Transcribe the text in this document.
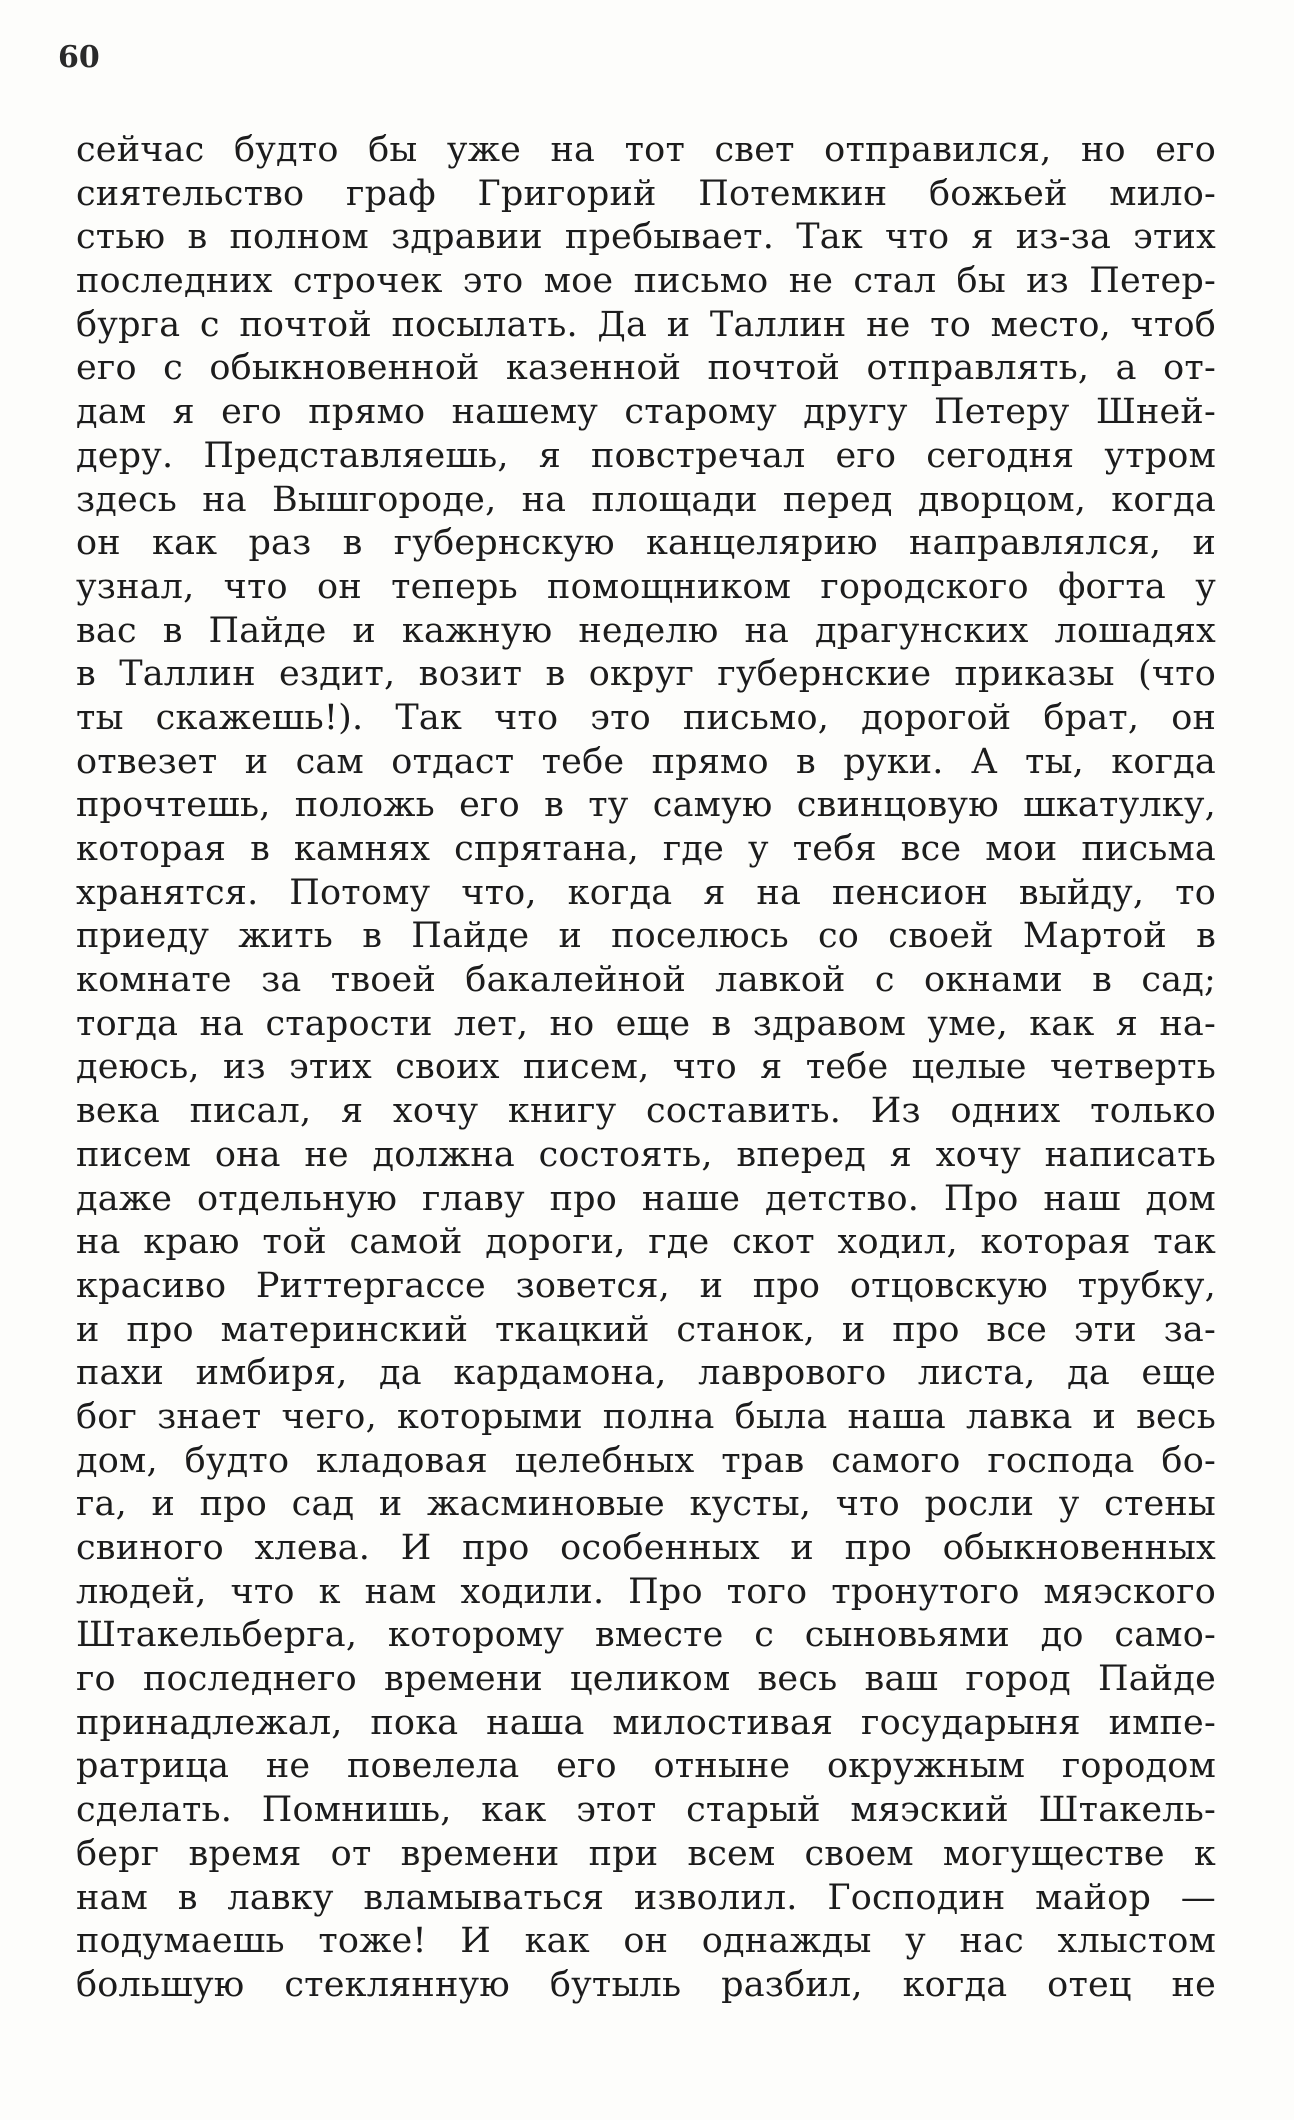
60
сейчас будто бы уже на тот свет отправился, но его
сиятельство граф Григорий Потемкин божьей мило-
стью в полном здравии пребывает. Так что я из-за этих
последних строчек это мое письмо не стал бы из Петер-
бурга с почтой посылать. Да и Таллин не то место, чтоб
его с обыкновенной казенной почтой отправлять, а от-
дам я его прямо нашему старому другу Петеру Шней-
деру. Представляешь, я повстречал его сегодня утром
здесь на Вышгороде, на площади перед дворцом, когда
он как раз в губернскую канцелярию направлялся, и
узнал, что он теперь помощником городского фогта у
вас в Пайде и кажную неделю на драгунских лошадях
в Таллин ездит, возит в округ губернские приказы (что
ты скажешь!). Так что это письмо, дорогой брат, он
отвезет и сам отдаст тебе прямо в руки. А ты, когда
прочтешь, положь его в ту самую свинцовую шкатулку,
которая в камнях спрятана, где у тебя все мои письма
хранятся. Потому что, когда я на пенсион выйду, то
приеду жить в Пайде и поселюсь со своей Мартой в
комнате за твоей бакалейной лавкой с окнами в сад;
тогда на старости лет, но еще в здравом уме, как я на-
деюсь, из этих своих писем, что я тебе целые четверть
века писал, я хочу книгу составить. Из одних только
писем она не должна состоять, вперед я хочу написать
даже отдельную главу про наше детство. Про наш дом
на краю той самой дороги, где скот ходил, которая так
красиво Риттергассе зовется, и про отцовскую трубку,
и про материнский ткацкий станок, и про все эти за-
пахи имбиря, да кардамона, лаврового листа, да еще
бог знает чего, которыми полна была наша лавка и весь
дом, будто кладовая целебных трав самого господа бо-
га, и про сад и жасминовые кусты, что росли у стены
свиного хлева. И про особенных и про обыкновенных
людей, что к нам ходили. Про того тронутого мяэского
Штакельберга, которому вместе с сыновьями до само-
го последнего времени целиком весь ваш город Пайде
принадлежал, пока наша милостивая государыня импе-
ратрица не повелела его отныне окружным городом
сделать. Помнишь, как этот старый мяэский Штакель-
берг время от времени при всем своем могуществе к
нам в лавку вламываться изволил. Господин майор —
подумаешь тоже! И как он однажды у нас хлыстом
большую стеклянную бутыль разбил, когда отец не
